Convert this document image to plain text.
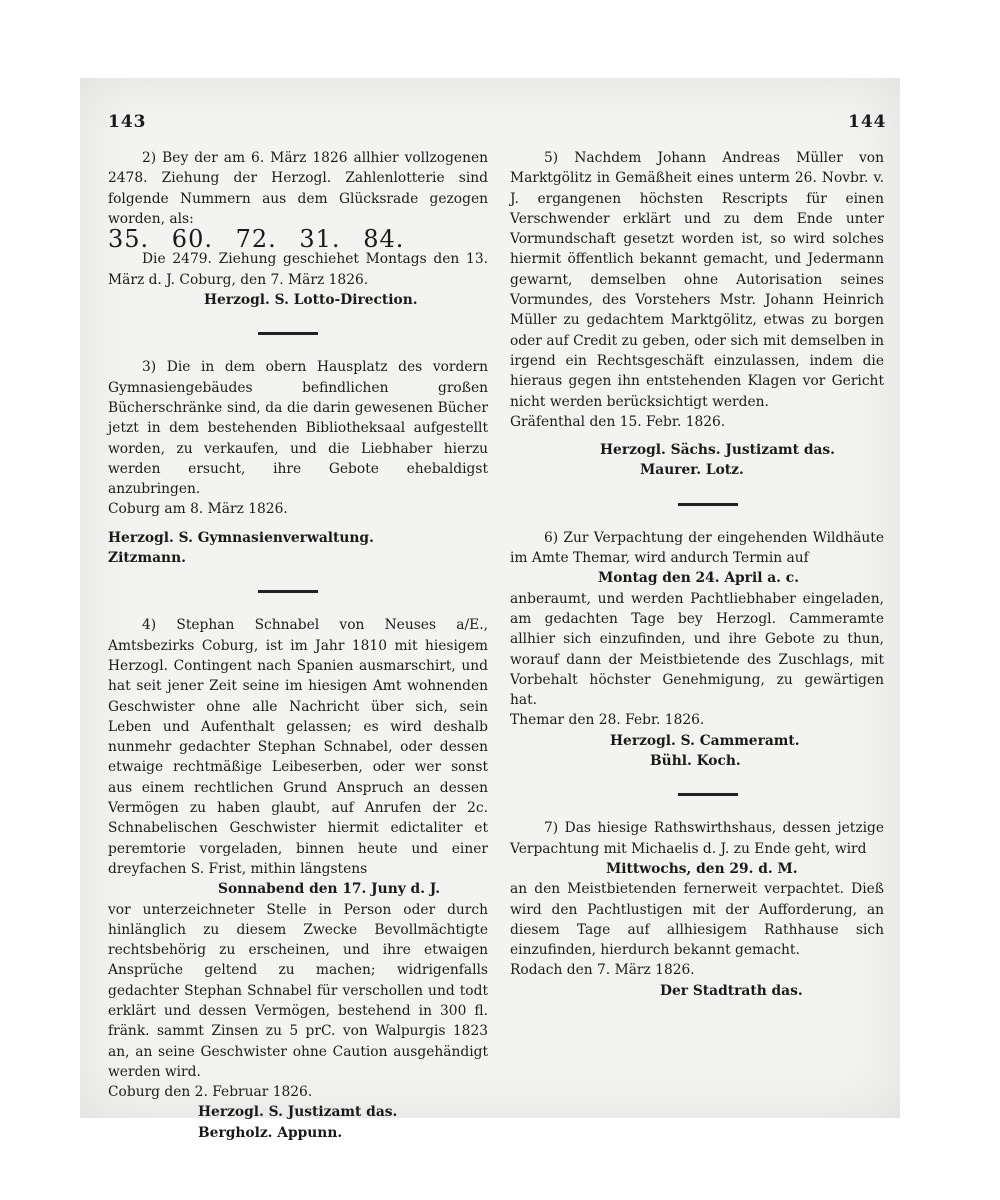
143	144

2) Bey der am 6. März 1826 allhier vollzogenen 2478. Ziehung der Herzogl. Zahlenlotterie sind folgende Nummern aus dem Glücksrade gezogen worden, als:

35. 60. 72. 31. 84.

Die 2479. Ziehung geschiehet Montags den 13. März d. J. Coburg, den 7. März 1826.

Herzogl. S. Lotto-Direction.

3) Die in dem obern Hausplatz des vordern Gymnasiengebäudes befindlichen großen Bücherschränke sind, da die darin gewesenen Bücher jetzt in dem bestehenden Bibliotheksaal aufgestellt worden, zu verkaufen, und die Liebhaber hierzu werden ersucht, ihre Gebote ehebaldigst anzubringen.

Coburg am 8. März 1826.

Herzogl. S. Gymnasienverwaltung.

Zitzmann.

4) Stephan Schnabel von Neuses a/E., Amtsbezirks Coburg, ist im Jahr 1810 mit hiesigem Herzogl. Contingent nach Spanien ausmarschirt, und hat seit jener Zeit seine im hiesigen Amt wohnenden Geschwister ohne alle Nachricht über sich, sein Leben und Aufenthalt gelassen; es wird deshalb nunmehr gedachter Stephan Schnabel, oder dessen etwaige rechtmäßige Leibeserben, oder wer sonst aus einem rechtlichen Grund Anspruch an dessen Vermögen zu haben glaubt, auf Anrufen der 2c. Schnabelischen Geschwister hiermit edictaliter et peremtorie vorgeladen, binnen heute und einer dreyfachen S. Frist, mithin längstens

Sonnabend den 17. Juny d. J.

vor unterzeichneter Stelle in Person oder durch hinlänglich zu diesem Zwecke Bevollmächtigte rechtsbehörig zu erscheinen, und ihre etwaigen Ansprüche geltend zu machen; widrigenfalls gedachter Stephan Schnabel für verschollen und todt erklärt und dessen Vermögen, bestehend in 300 fl. fränk. sammt Zinsen zu 5 prC. von Walpurgis 1823 an, an seine Geschwister ohne Caution ausgehändigt werden wird.

Coburg den 2. Februar 1826.

Herzogl. S. Justizamt das.

Bergholz. Appunn.

5) Nachdem Johann Andreas Müller von Marktgölitz in Gemäßheit eines unterm 26. Novbr. v. J. ergangenen höchsten Rescripts für einen Verschwender erklärt und zu dem Ende unter Vormundschaft gesetzt worden ist, so wird solches hiermit öffentlich bekannt gemacht, und Jedermann gewarnt, demselben ohne Autorisation seines Vormundes, des Vorstehers Mstr. Johann Heinrich Müller zu gedachtem Marktgölitz, etwas zu borgen oder auf Credit zu geben, oder sich mit demselben in irgend ein Rechtsgeschäft einzulassen, indem die hieraus gegen ihn entstehenden Klagen vor Gericht nicht werden berücksichtigt werden.

Gräfenthal den 15. Febr. 1826.

Herzogl. Sächs. Justizamt das.

Maurer. Lotz.

6) Zur Verpachtung der eingehenden Wildhäute im Amte Themar, wird andurch Termin auf

Montag den 24. April a. c.

anberaumt, und werden Pachtliebhaber eingeladen, am gedachten Tage bey Herzogl. Cammeramte allhier sich einzufinden, und ihre Gebote zu thun, worauf dann der Meistbietende des Zuschlags, mit Vorbehalt höchster Genehmigung, zu gewärtigen hat.

Themar den 28. Febr. 1826.

Herzogl. S. Cammeramt.

Bühl. Koch.

7) Das hiesige Rathswirthshaus, dessen jetzige Verpachtung mit Michaelis d. J. zu Ende geht, wird

Mittwochs, den 29. d. M.

an den Meistbietenden fernerweit verpachtet. Dieß wird den Pachtlustigen mit der Aufforderung, an diesem Tage auf allhiesigem Rathhause sich einzufinden, hierdurch bekannt gemacht.

Rodach den 7. März 1826.

Der Stadtrath das.
